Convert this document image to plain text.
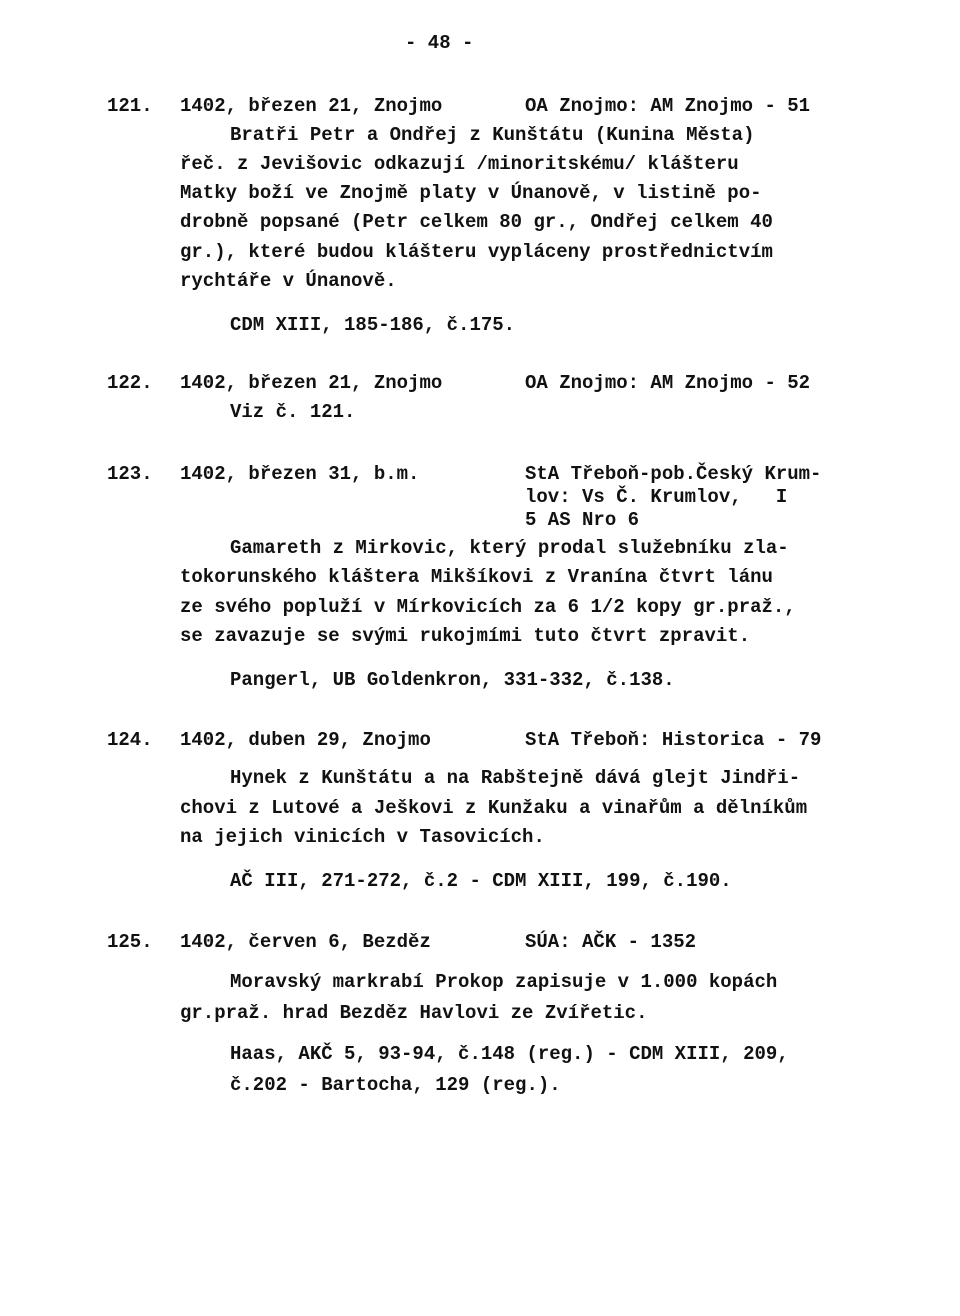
- 48 -
121. 1402, březen 21, Znojmo	OA Znojmo: AM Znojmo - 51
Bratři Petr a Ondřej z Kunštátu (Kunina Města)
řeč. z Jevišovic odkazují /minoritskému/ klášteru
Matky boží ve Znojmě platy v Únanově, v listině po-
drobně popsané (Petr celkem 80 gr., Ondřej celkem 40
gr.), které budou klášteru vypláceny prostřednictvím
rychtáře v Únanově.
CDM XIII, 185-186, č.175.
122. 1402, březen 21, Znojmo	OA Znojmo: AM Znojmo - 52
Viz č. 121.
123. 1402, březen 31, b.m.	StA Třeboň-pob.Český Krum-
lov: Vs Č. Krumlov,   I
5 AS Nro 6
Gamareth z Mirkovic, který prodal služebníku zla-
tokorunského kláštera Mikšíkovi z Vranína čtvrt lánu
ze svého popluží v Mírkovicích za 6 1/2 kopy gr.praž.,
se zavazuje se svými rukojmími tuto čtvrt zpravit.
Pangerl, UB Goldenkron, 331-332, č.138.
124. 1402, duben 29, Znojmo	StA Třeboň: Historica - 79
Hynek z Kunštátu a na Rabštejně dává glejt Jindři-
chovi z Lutové a Ješkovi z Kunžaku a vinařům a dělníkům
na jejich vinicích v Tasovicích.
AČ III, 271-272, č.2 - CDM XIII, 199, č.190.
125. 1402, červen 6, Bezděz	SÚA: AČK - 1352
Moravský markrabí Prokop zapisuje v 1.000 kopách
gr.praž. hrad Bezděz Havlovi ze Zvířetic.
Haas, AKČ 5, 93-94, č.148 (reg.) - CDM XIII, 209,
č.202 - Bartocha, 129 (reg.).
